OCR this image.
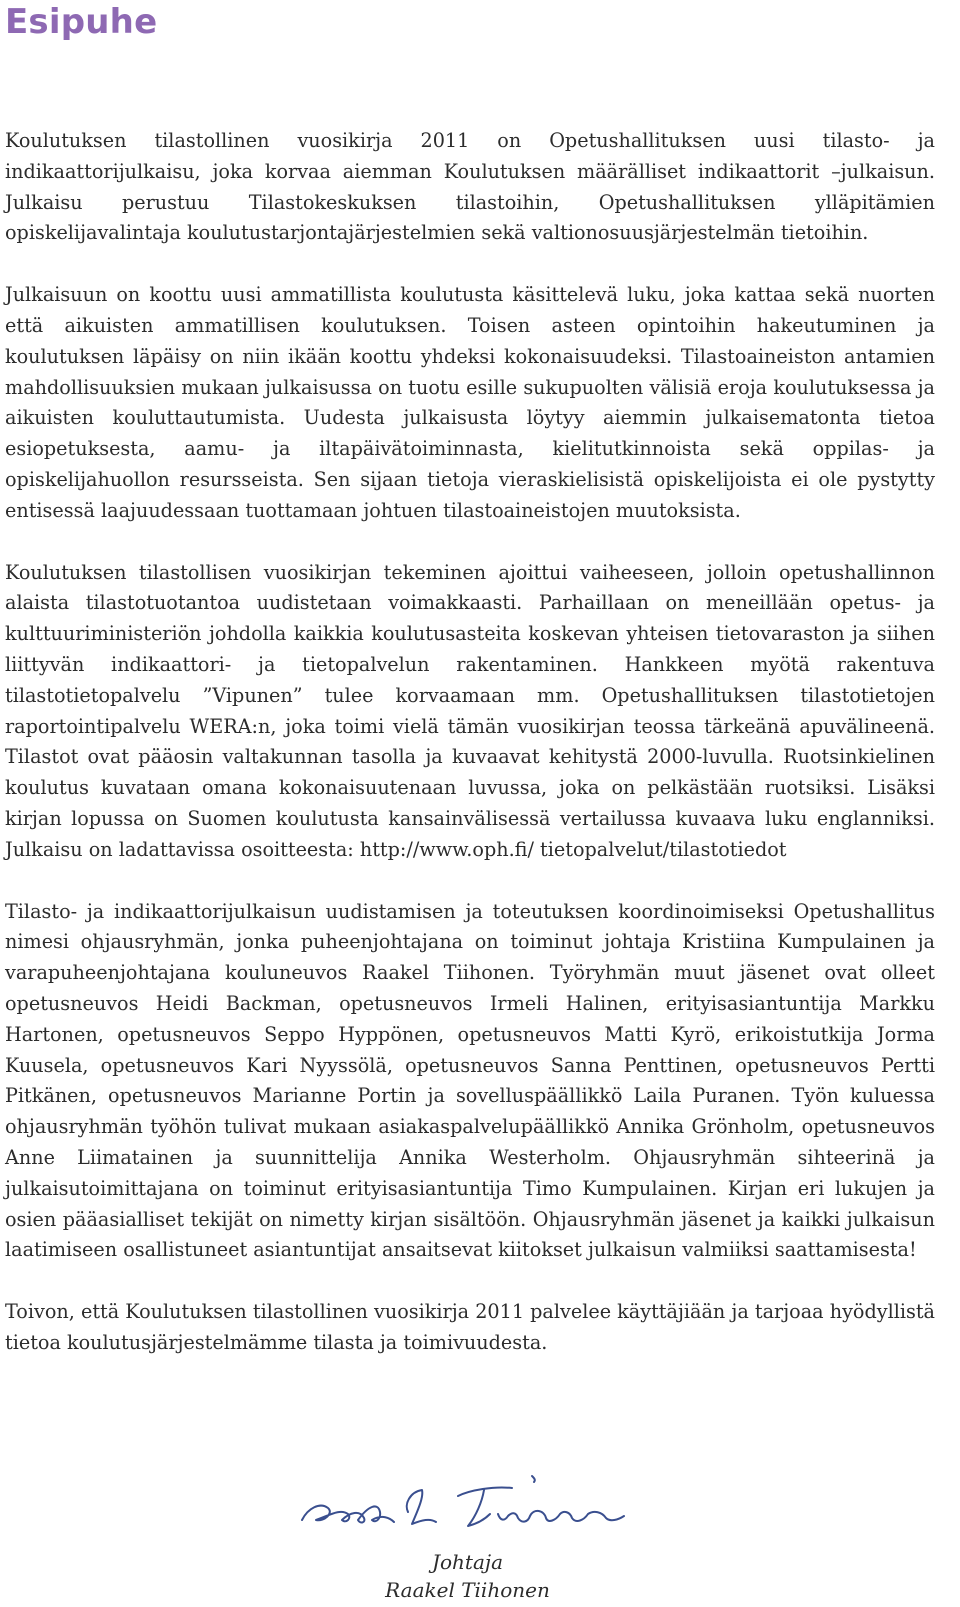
Esipuhe

Koulutuksen tilastollinen vuosikirja 2011 on Opetushallituksen uusi tilasto- ja indikaattorijulkaisu, joka korvaa aiemman Koulutuksen määrälliset indikaattorit –julkaisun. Julkaisu perustuu Tilastokeskuksen tilastoihin, Opetushallituksen ylläpitämien opiskelijavalintaja koulutustarjontajärjestelmien sekä valtionosuusjärjestelmän tietoihin.

Julkaisuun on koottu uusi ammatillista koulutusta käsittelevä luku, joka kattaa sekä nuorten että aikuisten ammatillisen koulutuksen. Toisen asteen opintoihin hakeutuminen ja koulutuksen läpäisy on niin ikään koottu yhdeksi kokonaisuudeksi. Tilastoaineiston antamien mahdollisuuksien mukaan julkaisussa on tuotu esille sukupuolten välisiä eroja koulutuksessa ja aikuisten kouluttautumista. Uudesta julkaisusta löytyy aiemmin julkaisematonta tietoa esiopetuksesta, aamu- ja iltapäivätoiminnasta, kielitutkinnoista sekä oppilas- ja opiskelijahuollon resursseista. Sen sijaan tietoja vieraskielisistä opiskelijoista ei ole pystytty entisessä laajuudessaan tuottamaan johtuen tilastoaineistojen muutoksista.

Koulutuksen tilastollisen vuosikirjan tekeminen ajoittui vaiheeseen, jolloin opetushallinnon alaista tilastotuotantoa uudistetaan voimakkaasti. Parhaillaan on meneillään opetus- ja kulttuuriministeriön johdolla kaikkia koulutusasteita koskevan yhteisen tietovaraston ja siihen liittyvän indikaattori- ja tietopalvelun rakentaminen. Hankkeen myötä rakentuva tilastotietopalvelu ”Vipunen” tulee korvaamaan mm. Opetushallituksen tilastotietojen raportointipalvelu WERA:n, joka toimi vielä tämän vuosikirjan teossa tärkeänä apuvälineenä. Tilastot ovat pääosin valtakunnan tasolla ja kuvaavat kehitystä 2000-luvulla. Ruotsinkielinen koulutus kuvataan omana kokonaisuutenaan luvussa, joka on pelkästään ruotsiksi. Lisäksi kirjan lopussa on Suomen koulutusta kansainvälisessä vertailussa kuvaava luku englanniksi. Julkaisu on ladattavissa osoitteesta: http://www.oph.fi/ tietopalvelut/tilastotiedot

Tilasto- ja indikaattorijulkaisun uudistamisen ja toteutuksen koordinoimiseksi Opetushallitus nimesi ohjausryhmän, jonka puheenjohtajana on toiminut johtaja Kristiina Kumpulainen ja varapuheenjohtajana kouluneuvos Raakel Tiihonen. Työryhmän muut jäsenet ovat olleet opetusneuvos Heidi Backman, opetusneuvos Irmeli Halinen, erityisasiantuntija Markku Hartonen, opetusneuvos Seppo Hyppönen, opetusneuvos Matti Kyrö, erikoistutkija Jorma Kuusela, opetusneuvos Kari Nyyssölä, opetusneuvos Sanna Penttinen, opetusneuvos Pertti Pitkänen, opetusneuvos Marianne Portin ja sovelluspäällikkö Laila Puranen. Työn kuluessa ohjausryhmän työhön tulivat mukaan asiakaspalvelupäällikkö Annika Grönholm, opetusneuvos Anne Liimatainen ja suunnittelija Annika Westerholm. Ohjausryhmän sihteerinä ja julkaisutoimittajana on toiminut erityisasiantuntija Timo Kumpulainen. Kirjan eri lukujen ja osien pääasialliset tekijät on nimetty kirjan sisältöön. Ohjausryhmän jäsenet ja kaikki julkaisun laatimiseen osallistuneet asiantuntijat ansaitsevat kiitokset julkaisun valmiiksi saattamisesta!

Toivon, että Koulutuksen tilastollinen vuosikirja 2011 palvelee käyttäjiään ja tarjoaa hyödyllistä tietoa koulutusjärjestelmämme tilasta ja toimivuudesta.

Johtaja
Raakel Tiihonen
